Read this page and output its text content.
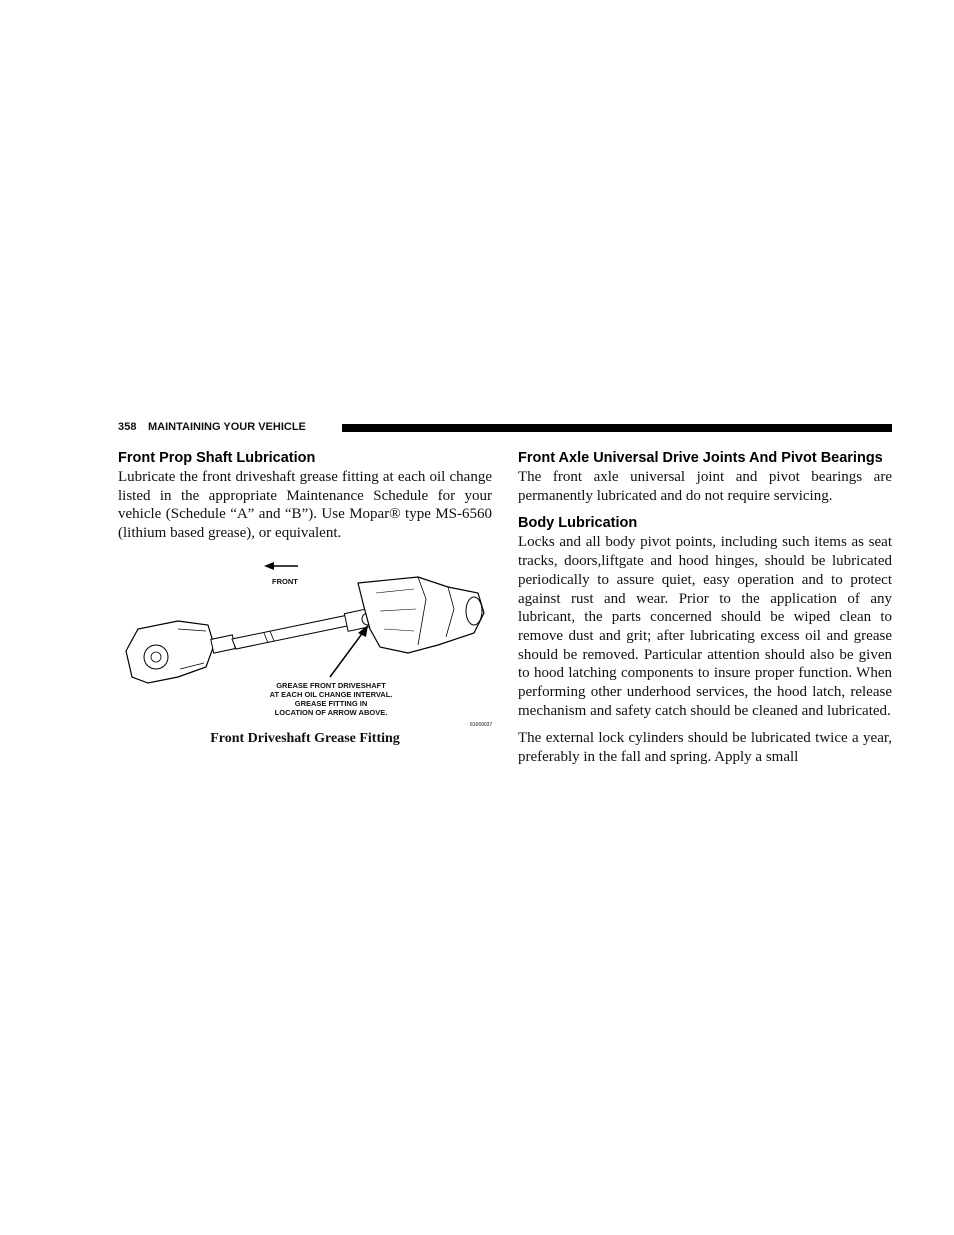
358 MAINTAINING YOUR VEHICLE
Front Prop Shaft Lubrication

Lubricate the front driveshaft grease fitting at each oil change listed in the appropriate Maintenance Schedule for your vehicle (Schedule “A” and “B”). Use Mopar® type MS-6560 (lithium based grease), or equivalent.

FRONT
GREASE FRONT DRIVESHAFT
AT EACH OIL CHANGE INTERVAL.
GREASE FITTING IN
LOCATION OF ARROW ABOVE.
81669037
Front Driveshaft Grease Fitting
Front Axle Universal Drive Joints And Pivot Bearings

The front axle universal joint and pivot bearings are permanently lubricated and do not require servicing.

Body Lubrication

Locks and all body pivot points, including such items as seat tracks, doors,liftgate and hood hinges, should be lubricated periodically to assure quiet, easy operation and to protect against rust and wear. Prior to the application of any lubricant, the parts concerned should be wiped clean to remove dust and grit; after lubricating excess oil and grease should be removed. Particular attention should also be given to hood latching components to insure proper function. When performing other underhood services, the hood latch, release mechanism and safety catch should be cleaned and lubricated.

The external lock cylinders should be lubricated twice a year, preferably in the fall and spring. Apply a small
